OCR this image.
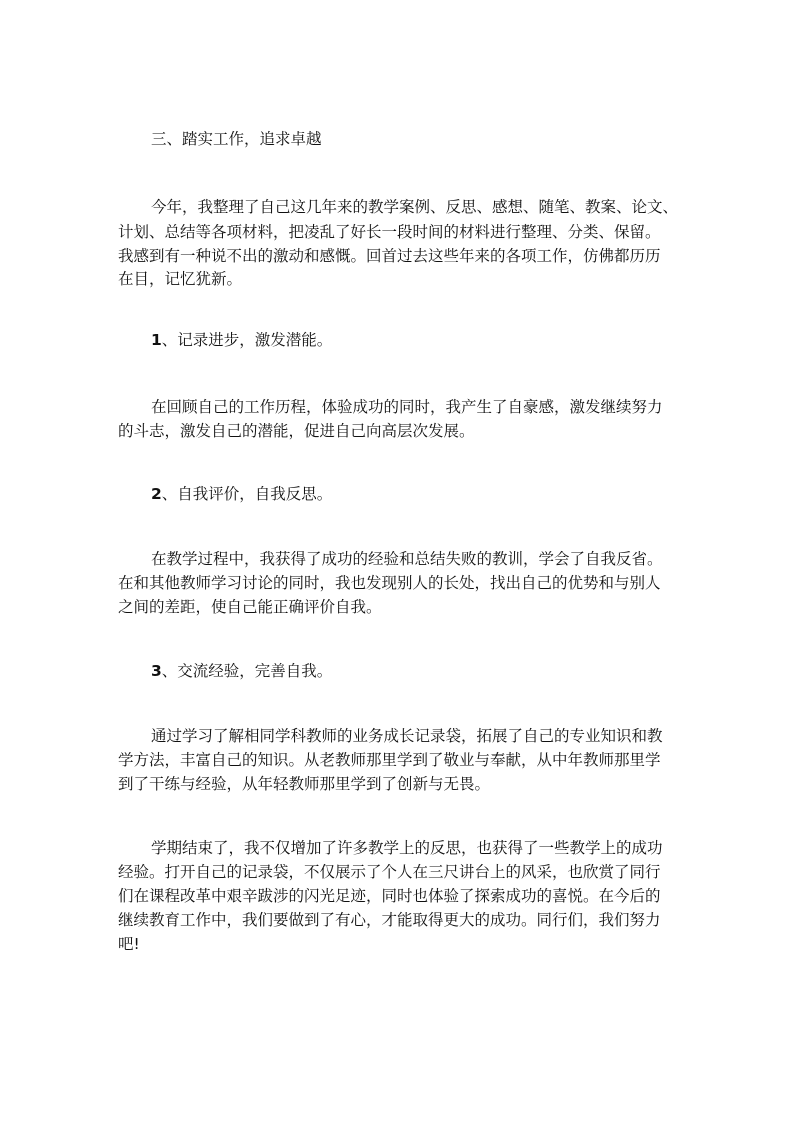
三、踏实工作，追求卓越
今年，我整理了自己这几年来的教学案例、反思、感想、随笔、教案、论文、
计划、总结等各项材料，把凌乱了好长一段时间的材料进行整理、分类、保留。
我感到有一种说不出的激动和感慨。回首过去这些年来的各项工作，仿佛都历历
在目，记忆犹新。
1、记录进步，激发潜能。
在回顾自己的工作历程，体验成功的同时，我产生了自豪感，激发继续努力
的斗志，激发自己的潜能，促进自己向高层次发展。
2、自我评价，自我反思。
在教学过程中，我获得了成功的经验和总结失败的教训，学会了自我反省。
在和其他教师学习讨论的同时，我也发现别人的长处，找出自己的优势和与别人
之间的差距，使自己能正确评价自我。
3、交流经验，完善自我。
通过学习了解相同学科教师的业务成长记录袋，拓展了自己的专业知识和教
学方法，丰富自己的知识。从老教师那里学到了敬业与奉献，从中年教师那里学
到了干练与经验，从年轻教师那里学到了创新与无畏。
学期结束了，我不仅增加了许多教学上的反思，也获得了一些教学上的成功
经验。打开自己的记录袋，不仅展示了个人在三尺讲台上的风采，也欣赏了同行
们在课程改革中艰辛跋涉的闪光足迹，同时也体验了探索成功的喜悦。在今后的
继续教育工作中，我们要做到了有心，才能取得更大的成功。同行们，我们努力
吧!
